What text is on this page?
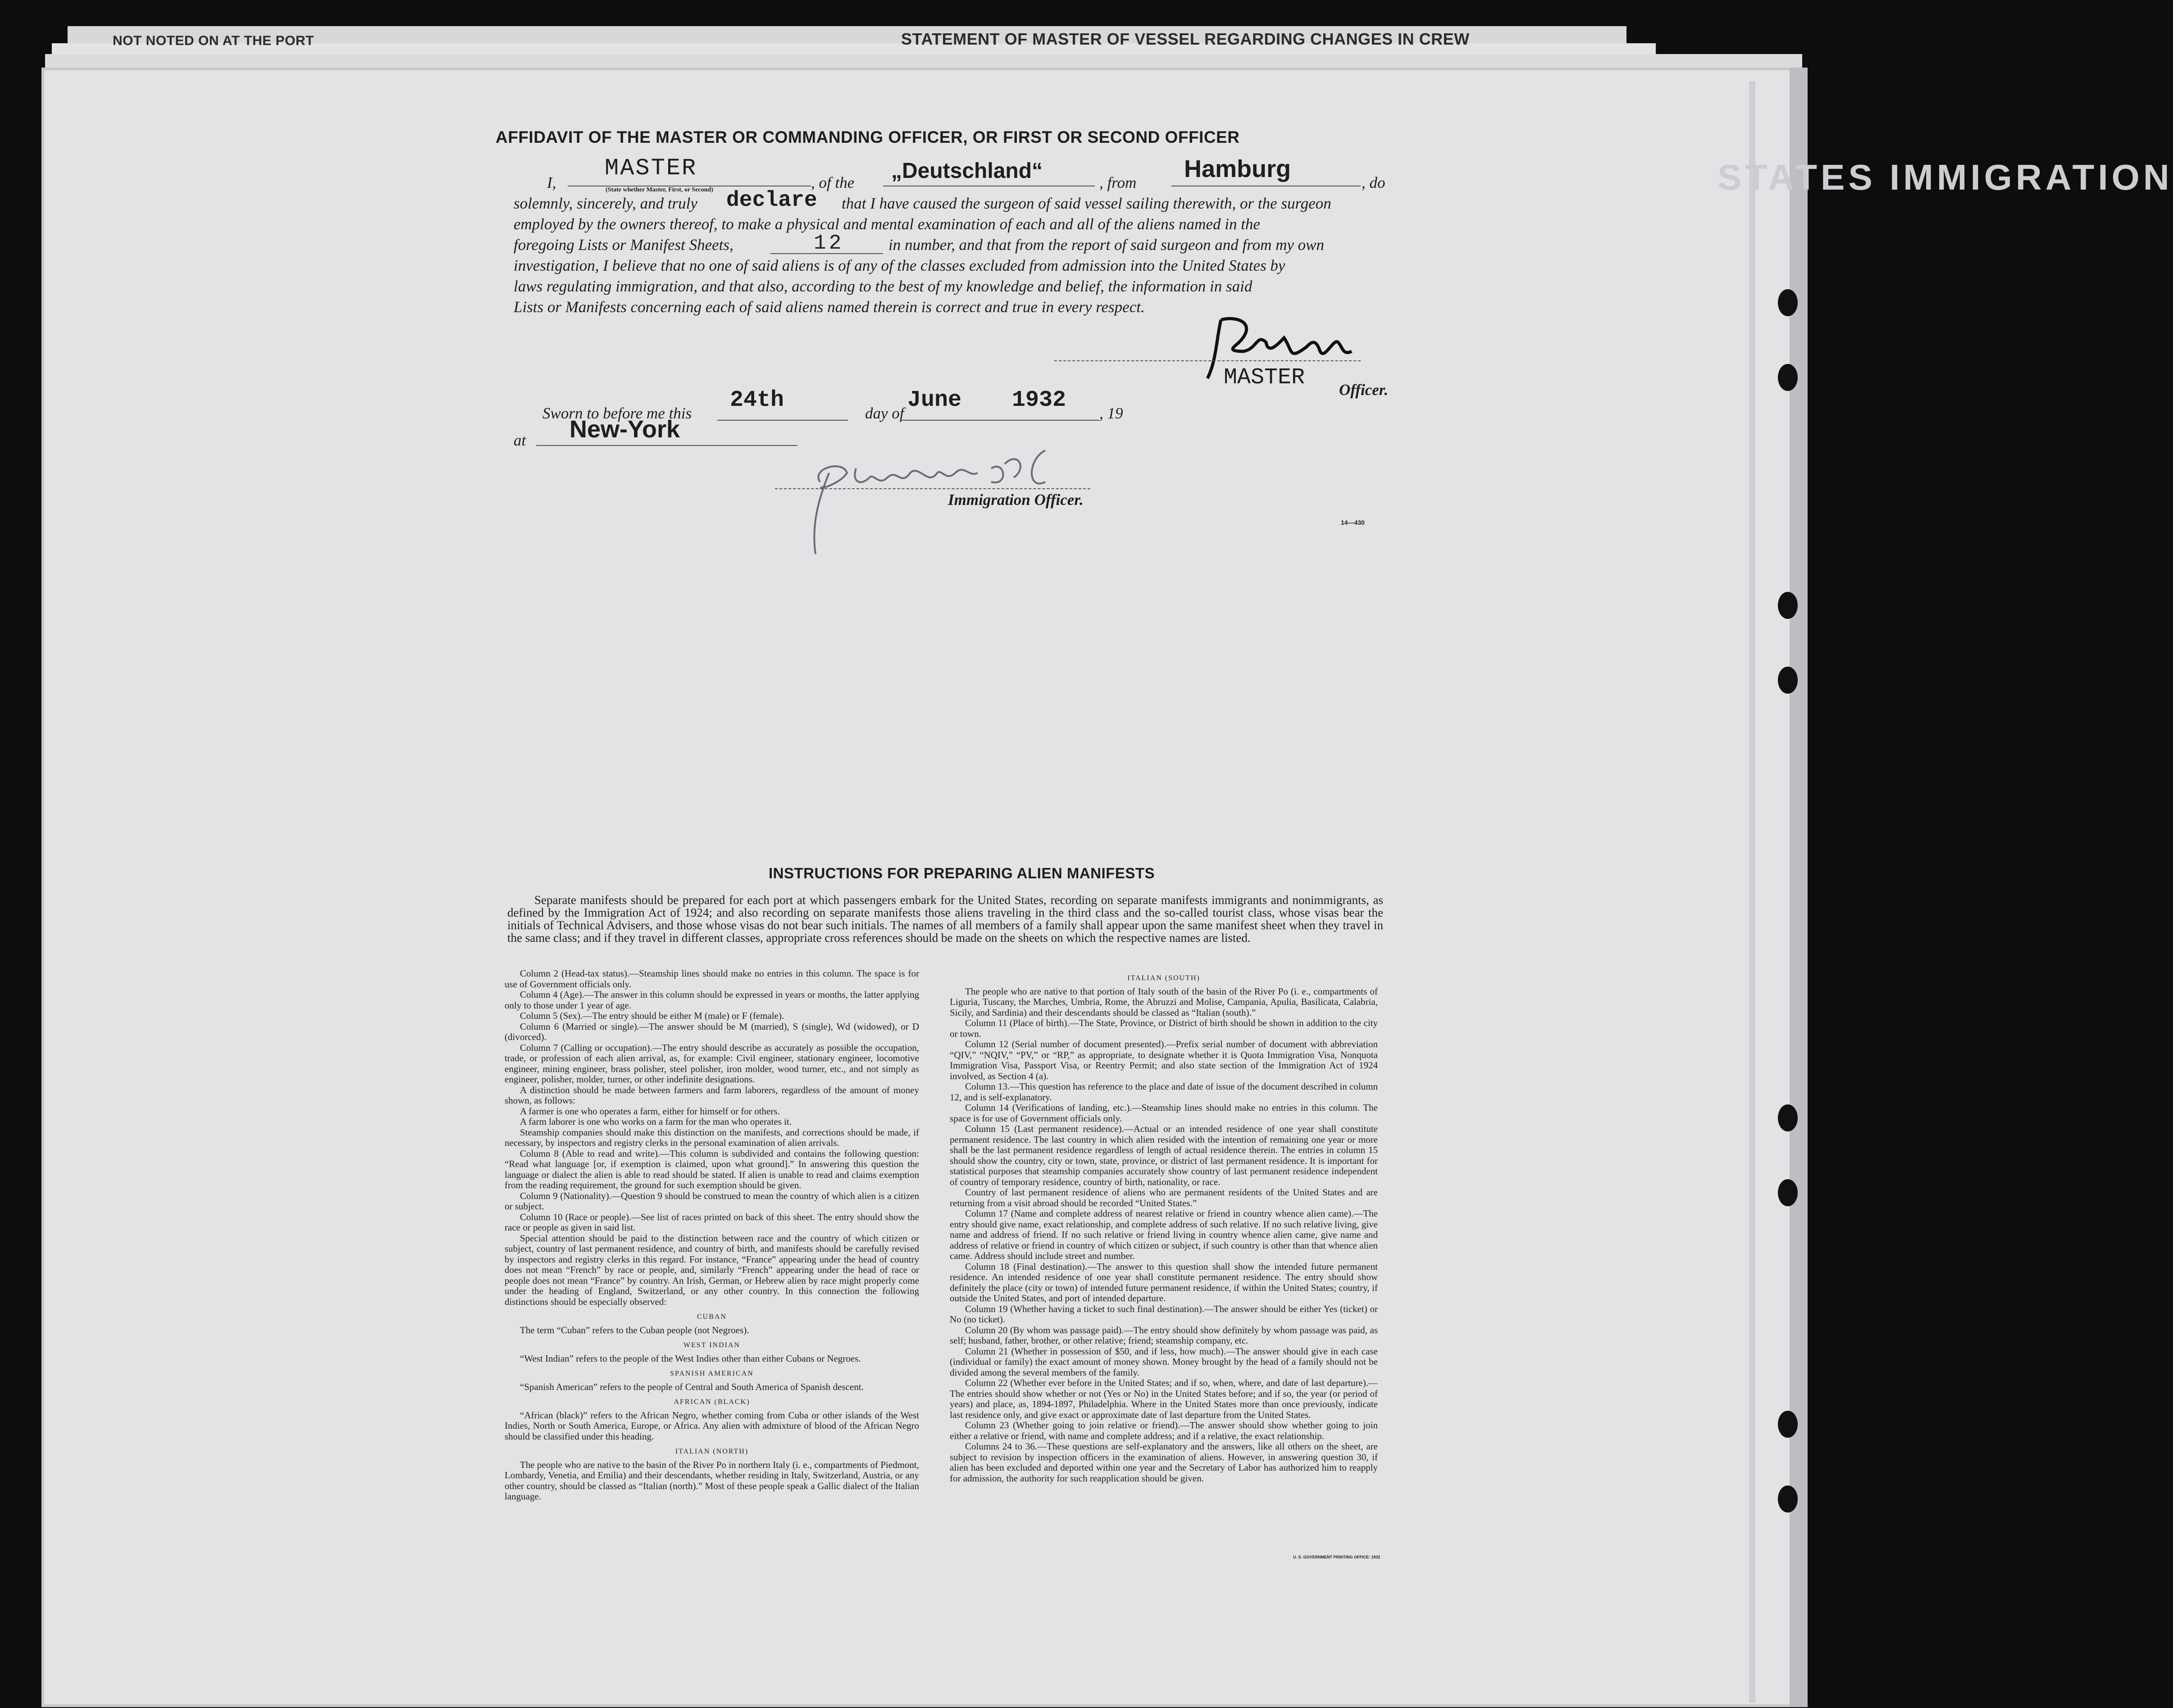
NOT NOTED ON AT THE PORT	STATEMENT OF MASTER OF VESSEL REGARDING CHANGES IN CREW
STATES IMMIGRATION
AFFIDAVIT OF THE MASTER OR COMMANDING OFFICER, OR FIRST OR SECOND OFFICER
I,
MASTER
(State whether Master, First, or Second)	, of the „Deutschland“	, from
Hamburg
, do
solemnly, sincerely, and truly declare that I have caused the surgeon of said vessel sailing therewith, or the surgeon
employed by the owners thereof, to make a physical and mental examination of each and all of the aliens named in the
foregoing Lists or Manifest Sheets,	12	in number, and that from the report of said surgeon and from my own
investigation, I believe that no one of said aliens is of any of the classes excluded from admission into the United States by
laws regulating immigration, and that also, according to the best of my knowledge and belief, the information in said
Lists or Manifests concerning each of said aliens named therein is correct and true in every respect.
MASTER Officer.
Sworn to before me this
24th
day of
June 1932
, 19
at New-York
Immigration Officer.
14—430
INSTRUCTIONS FOR PREPARING ALIEN MANIFESTS

Separate manifests should be prepared for each port at which passengers embark for the United States, recording on separate manifests immigrants and nonimmigrants, as defined by the Immigration Act of 1924; and also recording on separate manifests those aliens traveling in the third class and the so-called tourist class, whose visas bear the initials of Technical Advisers, and those whose visas do not bear such initials. The names of all members of a family shall appear upon the same manifest sheet when they travel in the same class; and if they travel in different classes, appropriate cross references should be made on the sheets on which the respective names are listed.

Column 2 (Head-tax status).—Steamship lines should make no entries in this column. The space is for use of Government officials only.

Column 4 (Age).—The answer in this column should be expressed in years or months, the latter applying only to those under 1 year of age.

Column 5 (Sex).—The entry should be either M (male) or F (female).

Column 6 (Married or single).—The answer should be M (married), S (single), Wd (widowed), or D (divorced).

Column 7 (Calling or occupation).—The entry should describe as accurately as possible the occupation, trade, or profession of each alien arrival, as, for example: Civil engineer, stationary engineer, locomotive engineer, mining engineer, brass polisher, steel polisher, iron molder, wood turner, etc., and not simply as engineer, polisher, molder, turner, or other indefinite designations.

A distinction should be made between farmers and farm laborers, regardless of the amount of money shown, as follows:

A farmer is one who operates a farm, either for himself or for others.

A farm laborer is one who works on a farm for the man who operates it.

Steamship companies should make this distinction on the manifests, and corrections should be made, if necessary, by inspectors and registry clerks in the personal examination of alien arrivals.

Column 8 (Able to read and write).—This column is subdivided and contains the following question: “Read what language [or, if exemption is claimed, upon what ground].” In answering this question the language or dialect the alien is able to read should be stated. If alien is unable to read and claims exemption from the reading requirement, the ground for such exemption should be given.

Column 9 (Nationality).—Question 9 should be construed to mean the country of which alien is a citizen or subject.

Column 10 (Race or people).—See list of races printed on back of this sheet. The entry should show the race or people as given in said list.

Special attention should be paid to the distinction between race and the country of which citizen or subject, country of last permanent residence, and country of birth, and manifests should be carefully revised by inspectors and registry clerks in this regard. For instance, “France” appearing under the head of country does not mean “French” by race or people, and, similarly “French” appearing under the head of race or people does not mean “France” by country. An Irish, German, or Hebrew alien by race might properly come under the heading of England, Switzerland, or any other country. In this connection the following distinctions should be especially observed:

CUBAN

The term “Cuban” refers to the Cuban people (not Negroes).

WEST INDIAN

“West Indian” refers to the people of the West Indies other than either Cubans or Negroes.

SPANISH AMERICAN

“Spanish American” refers to the people of Central and South America of Spanish descent.

AFRICAN (BLACK)

“African (black)” refers to the African Negro, whether coming from Cuba or other islands of the West Indies, North or South America, Europe, or Africa. Any alien with admixture of blood of the African Negro should be classified under this heading.

ITALIAN (NORTH)

The people who are native to the basin of the River Po in northern Italy (i. e., compartments of Piedmont, Lombardy, Venetia, and Emilia) and their descendants, whether residing in Italy, Switzerland, Austria, or any other country, should be classed as “Italian (north).” Most of these people speak a Gallic dialect of the Italian language.

ITALIAN (SOUTH)

The people who are native to that portion of Italy south of the basin of the River Po (i. e., compartments of Liguria, Tuscany, the Marches, Umbria, Rome, the Abruzzi and Molise, Campania, Apulia, Basilicata, Calabria, Sicily, and Sardinia) and their descendants should be classed as “Italian (south).”

Column 11 (Place of birth).—The State, Province, or District of birth should be shown in addition to the city or town.

Column 12 (Serial number of document presented).—Prefix serial number of document with abbreviation “QIV,” “NQIV,” “PV,” or “RP,” as appropriate, to designate whether it is Quota Immigration Visa, Nonquota Immigration Visa, Passport Visa, or Reentry Permit; and also state section of the Immigration Act of 1924 involved, as Section 4 (a).

Column 13.—This question has reference to the place and date of issue of the document described in column 12, and is self-explanatory.

Column 14 (Verifications of landing, etc.).—Steamship lines should make no entries in this column. The space is for use of Government officials only.

Column 15 (Last permanent residence).—Actual or an intended residence of one year shall constitute permanent residence. The last country in which alien resided with the intention of remaining one year or more shall be the last permanent residence regardless of length of actual residence therein. The entries in column 15 should show the country, city or town, state, province, or district of last permanent residence. It is important for statistical purposes that steamship companies accurately show country of last permanent residence independent of country of temporary residence, country of birth, nationality, or race.

Country of last permanent residence of aliens who are permanent residents of the United States and are returning from a visit abroad should be recorded “United States.”

Column 17 (Name and complete address of nearest relative or friend in country whence alien came).—The entry should give name, exact relationship, and complete address of such relative. If no such relative living, give name and address of friend. If no such relative or friend living in country whence alien came, give name and address of relative or friend in country of which citizen or subject, if such country is other than that whence alien came. Address should include street and number.

Column 18 (Final destination).—The answer to this question shall show the intended future permanent residence. An intended residence of one year shall constitute permanent residence. The entry should show definitely the place (city or town) of intended future permanent residence, if within the United States; country, if outside the United States, and port of intended departure.

Column 19 (Whether having a ticket to such final destination).—The answer should be either Yes (ticket) or No (no ticket).

Column 20 (By whom was passage paid).—The entry should show definitely by whom passage was paid, as self; husband, father, brother, or other relative; friend; steamship company, etc.

Column 21 (Whether in possession of $50, and if less, how much).—The answer should give in each case (individual or family) the exact amount of money shown. Money brought by the head of a family should not be divided among the several members of the family.

Column 22 (Whether ever before in the United States; and if so, when, where, and date of last departure).—The entries should show whether or not (Yes or No) in the United States before; and if so, the year (or period of years) and place, as, 1894-1897, Philadelphia. Where in the United States more than once previously, indicate last residence only, and give exact or approximate date of last departure from the United States.

Column 23 (Whether going to join relative or friend).—The answer should show whether going to join either a relative or friend, with name and complete address; and if a relative, the exact relationship.

Columns 24 to 36.—These questions are self-explanatory and the answers, like all others on the sheet, are subject to revision by inspection officers in the examination of aliens. However, in answering question 30, if alien has been excluded and deported within one year and the Secretary of Labor has authorized him to reapply for admission, the authority for such reapplication should be given.

U. S. GOVERNMENT PRINTING OFFICE: 1932
